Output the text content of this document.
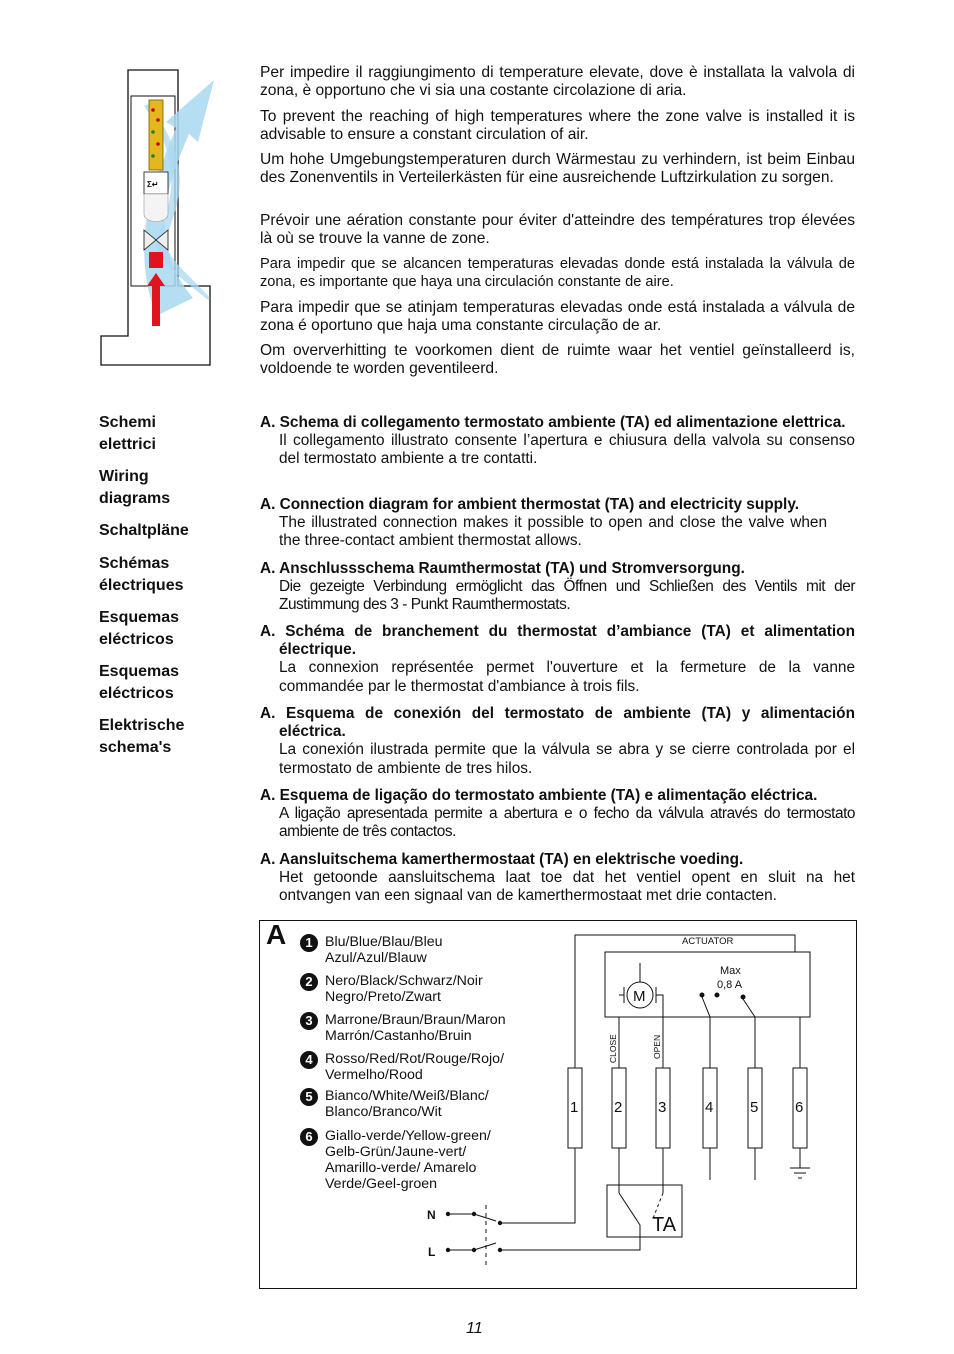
Σ↵

Per impedire il raggiungimento di temperature elevate, dove è installata la valvola di zona, è opportuno che vi sia una costante circolazione di aria.

To prevent the reaching of high temperatures where the zone valve is installed it is advisable to ensure a constant circulation of air.

Um hohe Umgebungstemperaturen durch Wärmestau zu verhindern, ist beim Einbau des Zonenventils in Verteilerkästen für eine ausreichende Luftzirkulation zu sorgen.

Prévoir une aération constante pour éviter d'atteindre des températures trop élevées là où se trouve la vanne de zone.

Para impedir que se alcancen temperaturas elevadas donde está instalada la válvula de zona, es importante que haya una circulación constante de aire.

Para impedir que se atinjam temperaturas elevadas onde está instalada a válvula de zona é oportuno que haja uma constante circulação de ar.

Om oververhitting te voorkomen dient de ruimte waar het ventiel geïnstalleerd is, voldoende te worden geventileerd.

Schemi elettrici
Wiring diagrams
Schaltpläne
Schémas électriques
Esquemas eléctricos
Esquemas eléctricos
Elektrische schema's
A. Schema di collegamento termostato ambiente (TA) ed alimentazione elettrica.
Il collegamento illustrato consente l’apertura e chiusura della valvola su consenso del termostato ambiente a tre contatti.
A. Connection diagram for ambient thermostat (TA) and electricity supply.
The illustrated connection makes it possible to open and close the valve when the three-contact ambient thermostat allows.
A. Anschlussschema Raumthermostat (TA) und Stromversorgung.
Die gezeigte Verbindung ermöglicht das Öffnen und Schließen des Ventils mit der Zustimmung des 3 - Punkt Raumthermostats.
A. Schéma de branchement du thermostat d’ambiance (TA) et alimentation électrique.
La connexion représentée permet l'ouverture et la fermeture de la vanne commandée par le thermostat d'ambiance à trois fils.
A. Esquema de conexión del termostato de ambiente (TA) y alimentación eléctrica.
La conexión ilustrada permite que la válvula se abra y se cierre controlada por el termostato de ambiente de tres hilos.
A. Esquema de ligação do termostato ambiente (TA) e alimentação eléctrica.
A ligação apresentada permite a abertura e o fecho da válvula através do termostato ambiente de três contactos.
A. Aansluitschema kamerthermostaat (TA) en elektrische voeding.
Het getoonde aansluitschema laat toe dat het ventiel opent en sluit na het ontvangen van een signaal van de kamerthermostaat met drie contacten.
A	1 Blu/Blue/Blau/Bleu
Azul/Azul/Blauw
2 Nero/Black/Schwarz/Noir
Negro/Preto/Zwart
3 Marrone/Braun/Braun/Maron
Marrón/Castanho/Bruin
4 Rosso/Red/Rot/Rouge/Rojo/
Vermelho/Rood
5 Bianco/White/Weiß/Blanc/
Blanco/Branco/Wit
6 Giallo-verde/Yellow-green/
Gelb-Grün/Jaune-vert/
Amarillo-verde/ Amarelo
Verde/Geel-groen
ACTUATOR
Max
0,8 A
M
CLOSE	OPEN
1 2 3	4 5 6
TA
N
L
11
